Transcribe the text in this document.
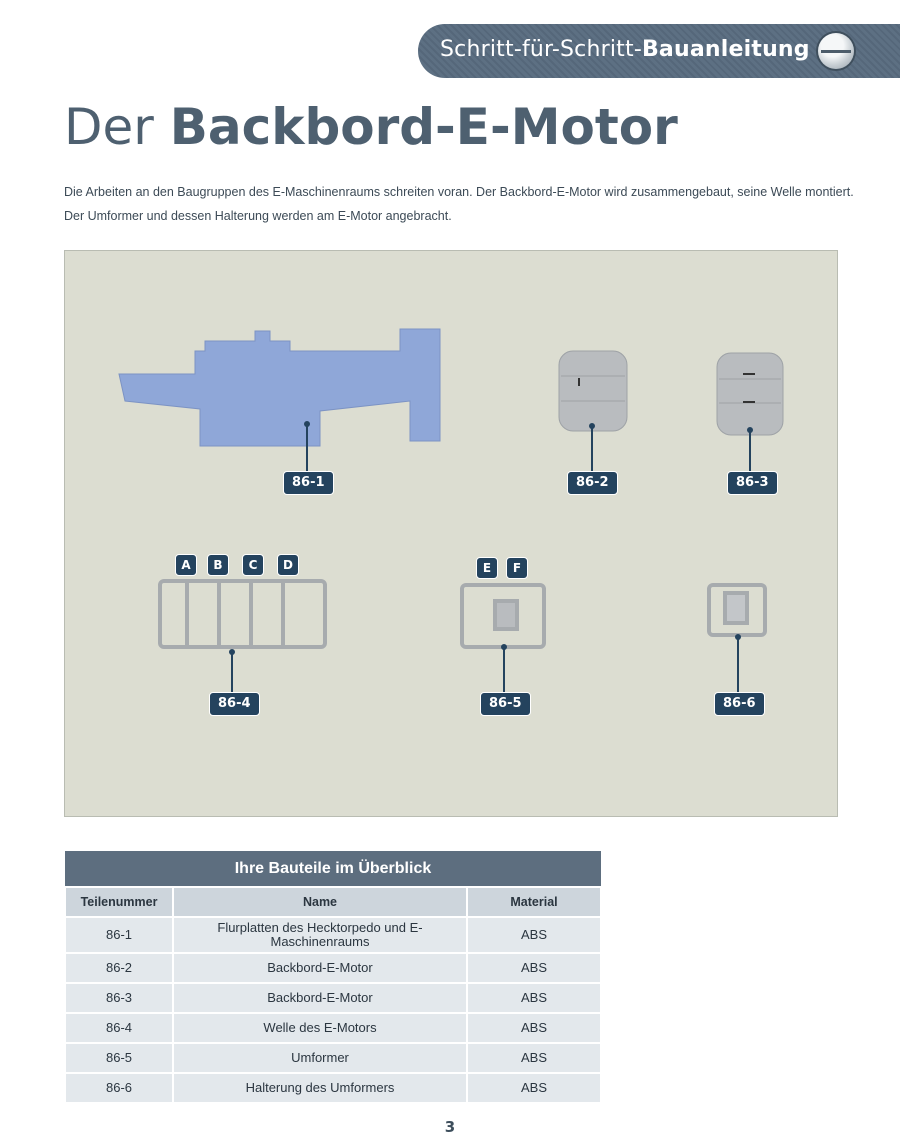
Schritt-für-Schritt-Bauanleitung
Der Backbord-E-Motor

Die Arbeiten an den Baugruppen des E-Maschinenraums schreiten voran. Der Backbord-E-Motor wird zusammengebaut, seine Welle montiert. Der Umformer und dessen Halterung werden am E-Motor angebracht.

86-1	86-2	86-3
86-4	86-5	86-6
A	B	C	D	E	F
Ihre Bauteile im Überblick		
Teilenummer	Name	Material
86-1	Flurplatten des Hecktorpedo und E-Maschinenraums	ABS
86-2	Backbord-E-Motor	ABS
86-3	Backbord-E-Motor	ABS
86-4	Welle des E-Motors	ABS
86-5	Umformer	ABS
86-6	Halterung des Umformers	ABS
3
